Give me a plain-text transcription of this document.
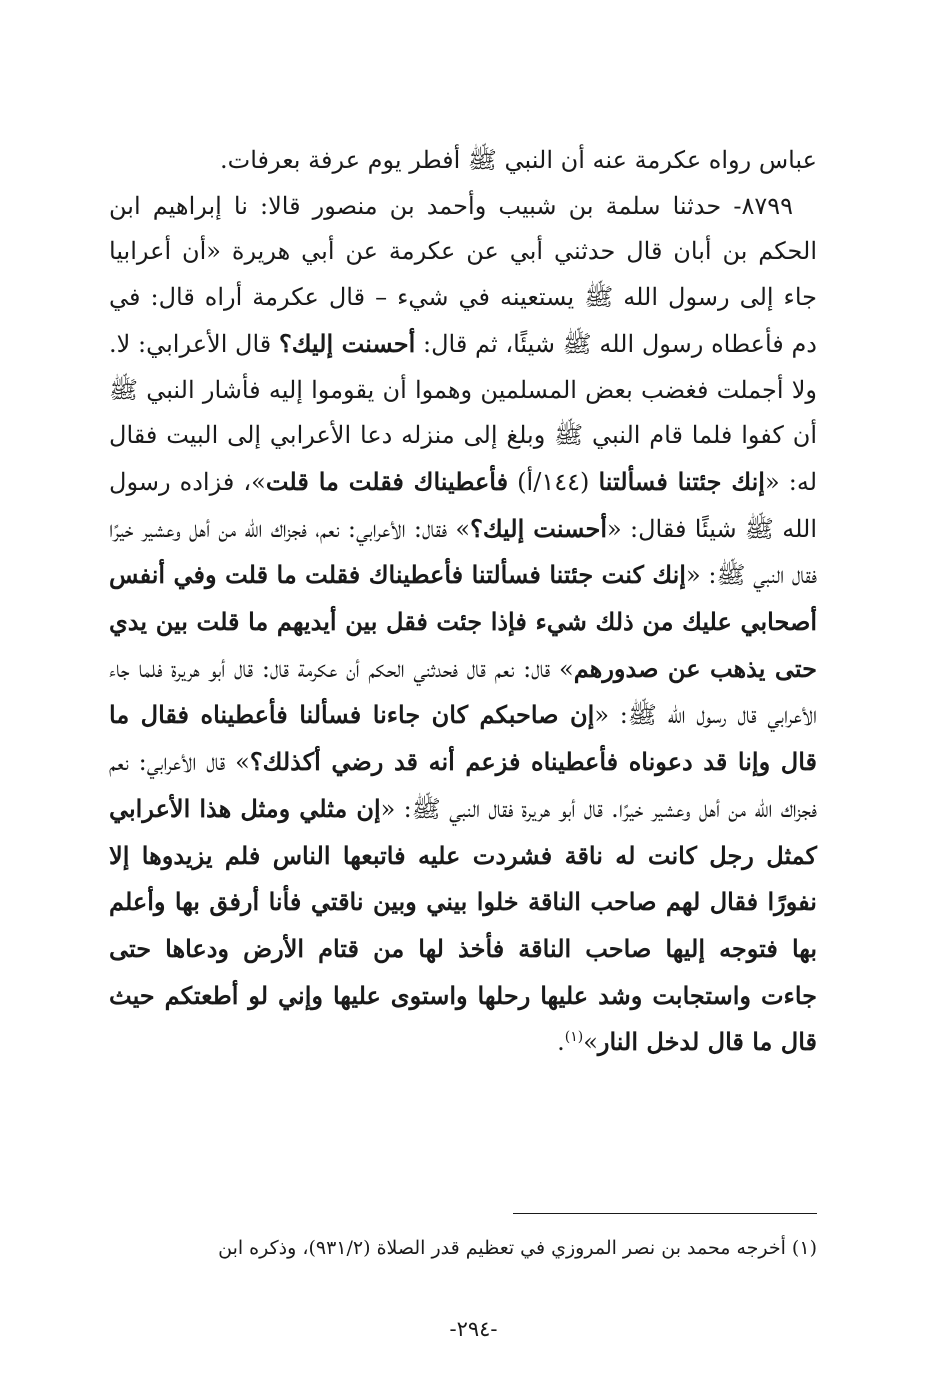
عباس رواه عكرمة عنه أن النبي ﷺ أفطر يوم عرفة بعرفات.

٨٧٩٩- حدثنا سلمة بن شبيب وأحمد بن منصور قالا: نا إبراهيم ابن الحكم بن أبان قال حدثني أبي عن عكرمة عن أبي هريرة «أن أعرابيا جاء إلى رسول الله ﷺ يستعينه في شيء – قال عكرمة أراه قال: في دم فأعطاه رسول الله ﷺ شيئًا، ثم قال: أحسنت إليك؟ قال الأعرابي: لا. ولا أجملت فغضب بعض المسلمين وهموا أن يقوموا إليه فأشار النبي ﷺ أن كفوا فلما قام النبي ﷺ وبلغ إلى منزله دعا الأعرابي إلى البيت فقال له: «إنك جئتنا فسألتنا (١٤٤/أ) فأعطيناك فقلت ما قلت»، فزاده رسول الله ﷺ شيئًا فقال: «أحسنت إليك؟» فقال: الأعرابي: نعم، فجزاك الله من أهل وعشير خيرًا فقال النبي ﷺ: «إنك كنت جئتنا فسألتنا فأعطيناك فقلت ما قلت وفي أنفس أصحابي عليك من ذلك شيء فإذا جئت فقل بين أيديهم ما قلت بين يدي حتى يذهب عن صدورهم» قال: نعم قال فحدثني الحكم أن عكرمة قال: قال أبو هريرة فلما جاء الأعرابي قال رسول الله ﷺ: «إن صاحبكم كان جاءنا فسألنا فأعطيناه فقال ما قال وإنا قد دعوناه فأعطيناه فزعم أنه قد رضي أكذلك؟» قال الأعرابي: نعم فجزاك الله من أهل وعشير خيرًا. قال أبو هريرة فقال النبي ﷺ: «إن مثلي ومثل هذا الأعرابي كمثل رجل كانت له ناقة فشردت عليه فاتبعها الناس فلم يزيدوها إلا نفورًا فقال لهم صاحب الناقة خلوا بيني وبين ناقتي فأنا أرفق بها وأعلم بها فتوجه إليها صاحب الناقة فأخذ لها من قتام الأرض ودعاها حتى جاءت واستجابت وشد عليها رحلها واستوى عليها وإني لو أطعتكم حيث قال ما قال لدخل النار»$^{(١)}$.

(١) أخرجه محمد بن نصر المروزي في تعظيم قدر الصلاة (٩٣١/٢)، وذكره ابن
-٢٩٤-
